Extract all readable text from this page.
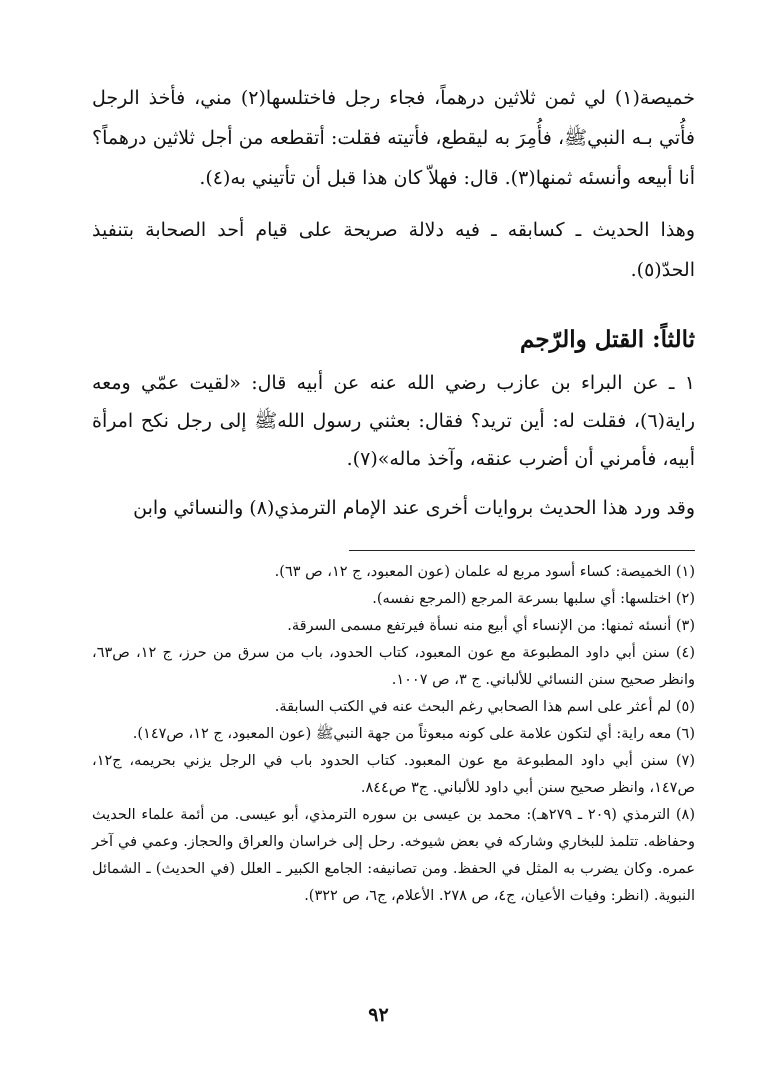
خميصة(١) لي ثمن ثلاثين درهماً، فجاء رجل فاختلسها(٢) مني، فأخذ الرجل فأُتي بـه النبيﷺ، فأُمِرَ به ليقطع، فأتيته فقلت: أتقطعه من أجل ثلاثين درهماً؟ أنا أبيعه وأنسئه ثمنها(٣). قال: فهلاّ كان هذا قبل أن تأتيني به(٤).

وهذا الحديث ـ كسابقه ـ فيه دلالة صريحة على قيام أحد الصحابة بتنفيذ الحدّ(٥).

ثالثاً: القتل والرّجم

١ ـ عن البراء بن عازب رضي الله عنه عن أبيه قال: «لقيت عمّي ومعه راية(٦)، فقلت له: أين تريد؟ فقال: بعثني رسول اللهﷺ إلى رجل نكح امرأة أبيه، فأمرني أن أضرب عنقه، وآخذ ماله»(٧).

وقد ورد هذا الحديث بروايات أخرى عند الإمام الترمذي(٨) والنسائي وابن

(١) الخميصة: كساء أسود مربع له علمان (عون المعبود، ج ١٢، ص ٦٣).

(٢) اختلسها: أي سلبها بسرعة المرجع (المرجع نفسه).

(٣) أنسئه ثمنها: من الإنساء أي أبيع منه نسأة فيرتفع مسمى السرقة.

(٤) سنن أبي داود المطبوعة مع عون المعبود، كتاب الحدود، باب من سرق من حرز، ج ١٢، ص٦٣، وانظر صحيح سنن النسائي للألباني. ج ٣، ص ١٠٠٧.

(٥) لم أعثر على اسم هذا الصحابي رغم البحث عنه في الكتب السابقة.

(٦) معه راية: أي لتكون علامة على كونه مبعوثاً من جهة النبيﷺ (عون المعبود، ج ١٢، ص١٤٧).

(٧) سنن أبي داود المطبوعة مع عون المعبود. كتاب الحدود باب في الرجل يزني بحريمه، ج١٢، ص١٤٧، وانظر صحيح سنن أبي داود للألباني. ج٣ ص٨٤٤.

(٨) الترمذي (٢٠٩ ـ ٢٧٩هـ): محمد بن عيسى بن سوره الترمذي، أبو عيسى. من أئمة علماء الحديث وحفاظه. تتلمذ للبخاري وشاركه في بعض شيوخه. رحل إلى خراسان والعراق والحجاز. وعمي في آخر عمره. وكان يضرب به المثل في الحفظ. ومن تصانيفه: الجامع الكبير ـ العلل (في الحديث) ـ الشمائل النبوية. (انظر: وفيات الأعيان، ج٤، ص ٢٧٨. الأعلام، ج٦، ص ٣٢٢).

٩٢
